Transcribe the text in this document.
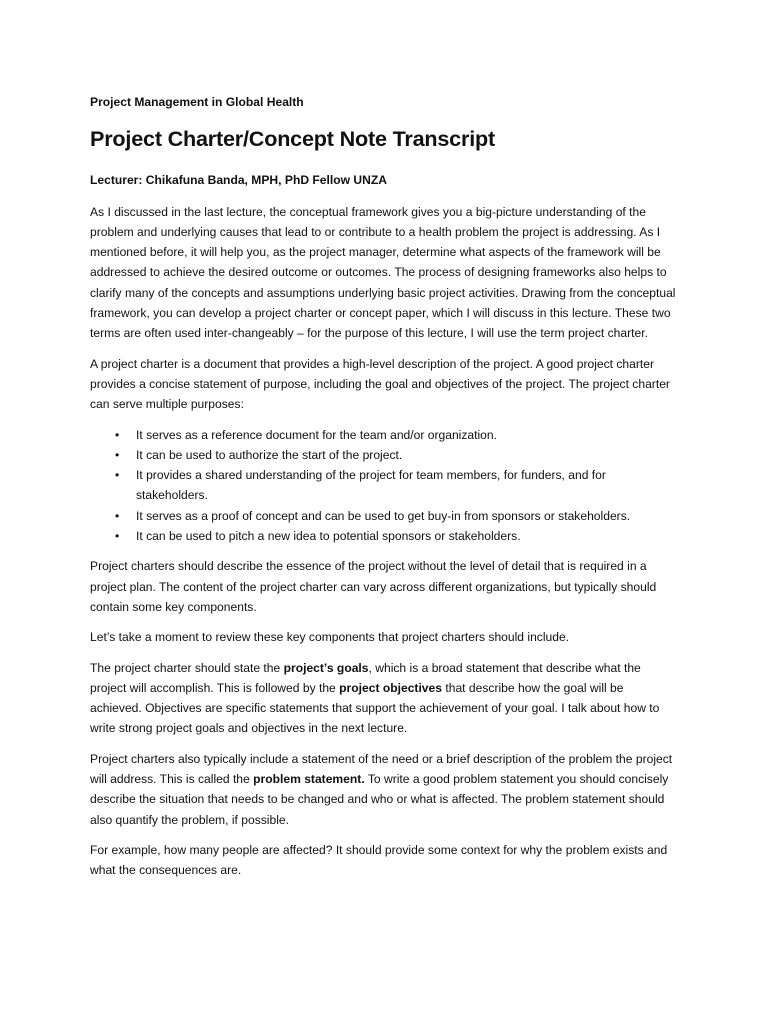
Project Management in Global Health
Project Charter/Concept Note Transcript
Lecturer: Chikafuna Banda, MPH, PhD Fellow UNZA

As I discussed in the last lecture, the conceptual framework gives you a big-picture understanding of the problem and underlying causes that lead to or contribute to a health problem the project is addressing. As I mentioned before, it will help you, as the project manager, determine what aspects of the framework will be addressed to achieve the desired outcome or outcomes. The process of designing frameworks also helps to clarify many of the concepts and assumptions underlying basic project activities. Drawing from the conceptual framework, you can develop a project charter or concept paper, which I will discuss in this lecture. These two terms are often used inter-changeably – for the purpose of this lecture, I will use the term project charter.

A project charter is a document that provides a high-level description of the project. A good project charter provides a concise statement of purpose, including the goal and objectives of the project. The project charter can serve multiple purposes:

• It serves as a reference document for the team and/or organization.
• It can be used to authorize the start of the project.
• It provides a shared understanding of the project for team members, for funders, and for stakeholders.
• It serves as a proof of concept and can be used to get buy-in from sponsors or stakeholders.
• It can be used to pitch a new idea to potential sponsors or stakeholders.

Project charters should describe the essence of the project without the level of detail that is required in a project plan. The content of the project charter can vary across different organizations, but typically should contain some key components.

Let’s take a moment to review these key components that project charters should include.

The project charter should state the project’s goals, which is a broad statement that describe what the project will accomplish. This is followed by the project objectives that describe how the goal will be achieved. Objectives are specific statements that support the achievement of your goal. I talk about how to write strong project goals and objectives in the next lecture.

Project charters also typically include a statement of the need or a brief description of the problem the project will address. This is called the problem statement. To write a good problem statement you should concisely describe the situation that needs to be changed and who or what is affected. The problem statement should also quantify the problem, if possible.

For example, how many people are affected? It should provide some context for why the problem exists and what the consequences are.
